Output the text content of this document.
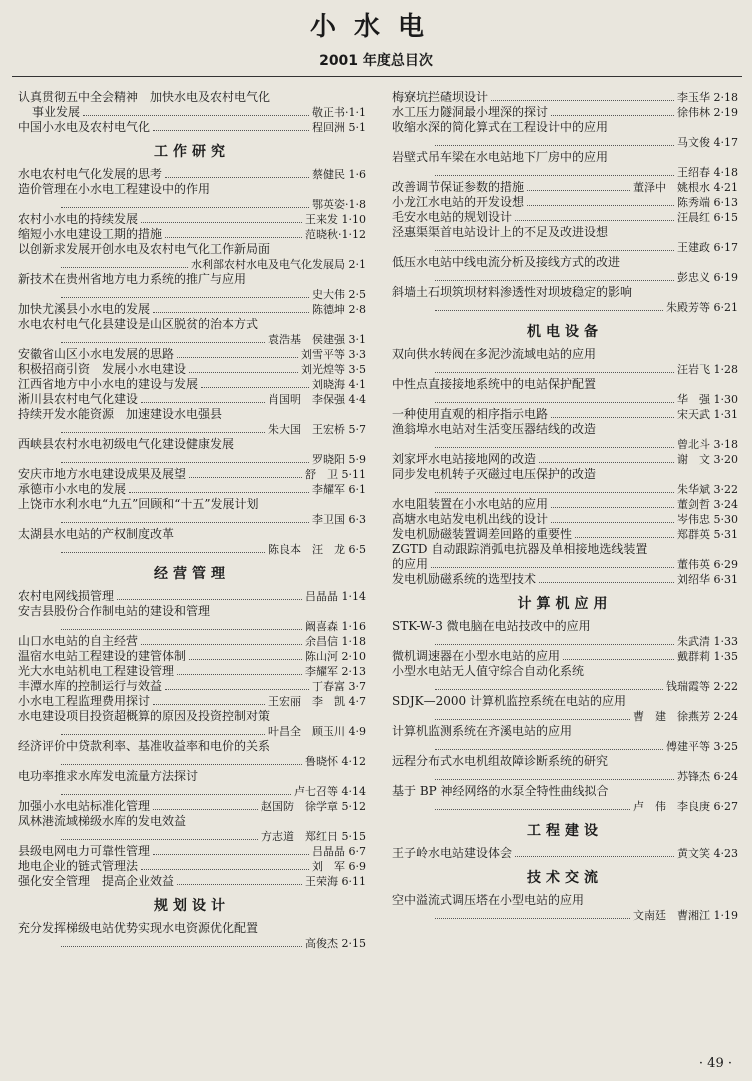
小水电
2001 年度总目次
认真贯彻五中全会精神　加快水电及农村电气化
事业发展	敬正书·1·1
中国小水电及农村电气化	程回洲 5·1
工作研究
水电农村电气化发展的思考	蔡健民 1·6
造价管理在小水电工程建设中的作用
鄂英姿·1·8
农村小水电的持续发展	王来发 1·10
缩短小水电建设工期的措施	范晓秋·1·12
以创新求发展开创水电及农村电气化工作新局面
水利部农村水电及电气化发展局 2·1
新技术在贵州省地方电力系统的推广与应用
史大伟 2·5
加快尤溪县小水电的发展	陈德坤 2·8
水电农村电气化县建设是山区脱贫的治本方式
袁浩基　侯建强 3·1
安徽省山区小水电发展的思路	刘雪平等 3·3
积极招商引资　发展小水电建设	刘光煌等 3·5
江西省地方中小水电的建设与发展	刘晓海 4·1
淅川县农村电气化建设	肖国明　李保强 4·4
持续开发水能资源　加速建设水电强县
朱大国　王宏桥 5·7
西峡县农村水电初级电气化建设健康发展
罗晓阳 5·9
安庆市地方水电建设成果及展望	舒　卫 5·11
承德市小水电的发展	李耀军 6·1
上饶市水利水电“九五”回顾和“十五”发展计划
李卫国 6·3
太湖县水电站的产权制度改革
陈良本　汪　龙 6·5
经营管理
农村电网线损管理	吕晶晶 1·14
安吉县股份合作制电站的建设和管理
阚喜森 1·16
山口水电站的自主经营	余昌信 1·18
温宿水电站工程建设的建管体制	陈山河 2·10
光大水电站机电工程建设管理	李耀军 2·13
丰潭水库的控制运行与效益	丁春富 3·7
小水电工程监理费用探讨	王宏丽　李　凯 4·7
水电建设项目投资超概算的原因及投资控制对策
叶昌全　顾玉川 4·9
经济评价中贷款利率、基准收益率和电价的关系
鲁晓怀 4·12
电功率推求水库发电流量方法探讨
卢七召等 4·14
加强小水电站标准化管理	赵国防　徐学章 5·12
凤林港流域梯级水库的发电效益
方志道　郑红日 5·15
县级电网电力可靠性管理	吕晶晶 6·7
地电企业的链式管理法	刘　军 6·9
强化安全管理　提高企业效益	王荣海 6·11
规划设计
充分发挥梯级电站优势实现水电资源优化配置
高俊杰 2·15
梅寮坑拦碴坝设计	李玉华 2·18
水工压力隧洞最小埋深的探讨	徐伟林 2·19
收缩水深的简化算式在工程设计中的应用
马文俊 4·17
岩壁式吊车梁在水电站地下厂房中的应用
王绍春 4·18
改善调节保证参数的措施	董泽中　姚根水 4·21
小龙江水电站的开发设想	陈秀端 6·13
毛安水电站的规划设计	汪晨红 6·15
泾惠渠渠首电站设计上的不足及改进设想
王建政 6·17
低压水电站中线电流分析及接线方式的改进
彭忠义 6·19
斜墙土石坝筑坝材料渗透性对坝坡稳定的影响
朱殿芳等 6·21
机电设备
双向供水转阀在多泥沙流域电站的应用
汪岩飞 1·28
中性点直接接地系统中的电站保护配置
华　强 1·30
一种使用直观的相序指示电路	宋天武 1·31
渔翁埠水电站对生活变压器结线的改造
曾北斗 3·18
刘家坪水电站接地网的改造	谢　文 3·20
同步发电机转子灭磁过电压保护的改造
朱华斌 3·22
水电阻装置在小水电站的应用	董剑哲 3·24
高塘水电站发电机出线的设计	岑伟忠 5·30
发电机励磁装置调差回路的重要性	郑群英 5·31
ZGTD 自动跟踪消弧电抗器及单相接地选线装置
的应用	董伟英 6·29
发电机励磁系统的选型技术	刘绍华 6·31
计算机应用
STK-W-3 微电脑在电站技改中的应用
朱武清 1·33
微机调速器在小型水电站的应用	戴群莉 1·35
小型水电站无人值守综合自动化系统
钱瑞霞等 2·22
SDJK—2000 计算机监控系统在电站的应用
曹　建　徐燕芳 2·24
计算机监测系统在齐溪电站的应用
傅建平等 3·25
远程分布式水电机组故障诊断系统的研究
苏锋杰 6·24
基于 BP 神经网络的水泵全特性曲线拟合
卢　伟　李良庚 6·27
工程建设
王子岭水电站建设体会	黄文笑 4·23
技术交流
空中溢流式调压塔在小型电站的应用
文南廷　曹湘江 1·19
· 49 ·
